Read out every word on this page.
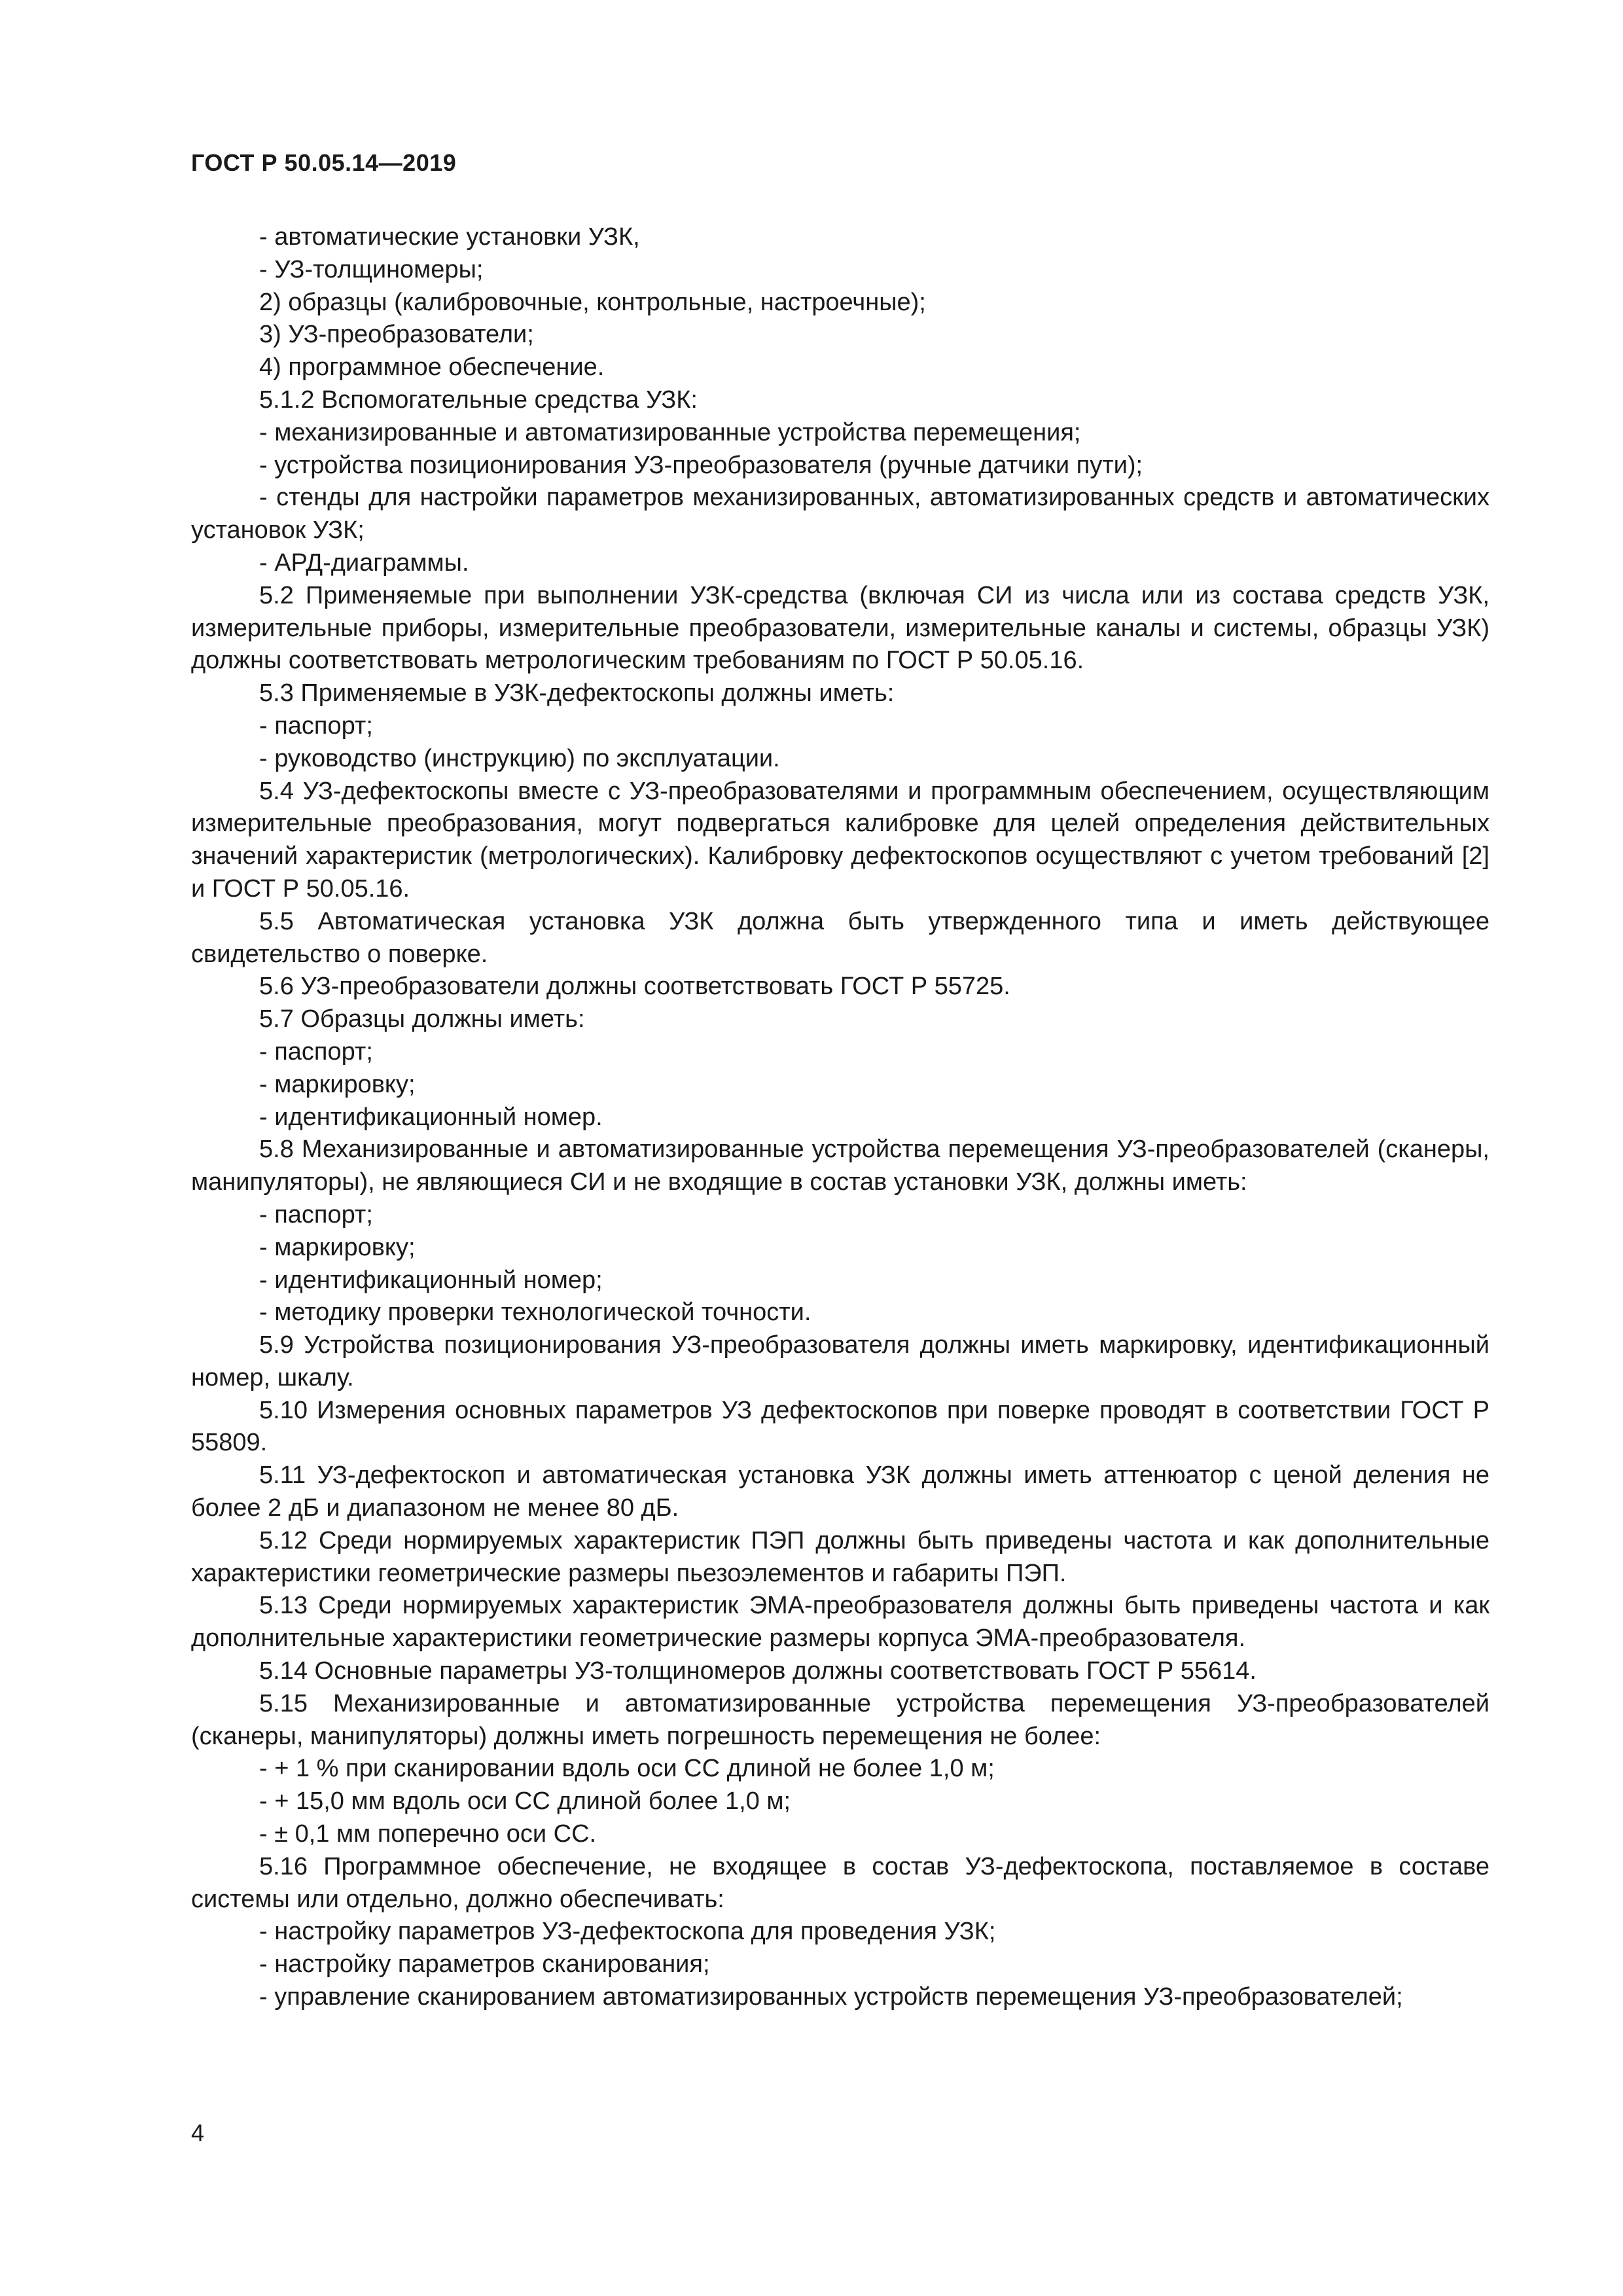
ГОСТ Р 50.05.14—2019

- автоматические установки УЗК,

- УЗ-толщиномеры;

2) образцы (калибровочные, контрольные, настроечные);

3) УЗ-преобразователи;

4) программное обеспечение.

5.1.2 Вспомогательные средства УЗК:

- механизированные и автоматизированные устройства перемещения;

- устройства позиционирования УЗ-преобразователя (ручные датчики пути);

- стенды для настройки параметров механизированных, автоматизированных средств и автоматических установок УЗК;

- АРД-диаграммы.

5.2 Применяемые при выполнении УЗК-средства (включая СИ из числа или из состава средств УЗК, измерительные приборы, измерительные преобразователи, измерительные каналы и системы, образцы УЗК) должны соответствовать метрологическим требованиям по ГОСТ Р 50.05.16.

5.3 Применяемые в УЗК-дефектоскопы должны иметь:

- паспорт;

- руководство (инструкцию) по эксплуатации.

5.4 УЗ-дефектоскопы вместе с УЗ-преобразователями и программным обеспечением, осуществляющим измерительные преобразования, могут подвергаться калибровке для целей определения действительных значений характеристик (метрологических). Калибровку дефектоскопов осуществляют с учетом требований [2] и ГОСТ Р 50.05.16.

5.5 Автоматическая установка УЗК должна быть утвержденного типа и иметь действующее свидетельство о поверке.

5.6 УЗ-преобразователи должны соответствовать ГОСТ Р 55725.

5.7 Образцы должны иметь:

- паспорт;

- маркировку;

- идентификационный номер.

5.8 Механизированные и автоматизированные устройства перемещения УЗ-преобразователей (сканеры, манипуляторы), не являющиеся СИ и не входящие в состав установки УЗК, должны иметь:

- паспорт;

- маркировку;

- идентификационный номер;

- методику проверки технологической точности.

5.9 Устройства позиционирования УЗ-преобразователя должны иметь маркировку, идентификационный номер, шкалу.

5.10 Измерения основных параметров УЗ дефектоскопов при поверке проводят в соответствии ГОСТ Р 55809.

5.11 УЗ-дефектоскоп и автоматическая установка УЗК должны иметь аттенюатор с ценой деления не более 2 дБ и диапазоном не менее 80 дБ.

5.12 Среди нормируемых характеристик ПЭП должны быть приведены частота и как дополнительные характеристики геометрические размеры пьезоэлементов и габариты ПЭП.

5.13 Среди нормируемых характеристик ЭМА-преобразователя должны быть приведены частота и как дополнительные характеристики геометрические размеры корпуса ЭМА-преобразователя.

5.14 Основные параметры УЗ-толщиномеров должны соответствовать ГОСТ Р 55614.

5.15 Механизированные и автоматизированные устройства перемещения УЗ-преобразователей (сканеры, манипуляторы) должны иметь погрешность перемещения не более:

- + 1 % при сканировании вдоль оси СС длиной не более 1,0 м;

- + 15,0 мм вдоль оси СС длиной более 1,0 м;

- ± 0,1 мм поперечно оси СС.

5.16 Программное обеспечение, не входящее в состав УЗ-дефектоскопа, поставляемое в составе системы или отдельно, должно обеспечивать:

- настройку параметров УЗ-дефектоскопа для проведения УЗК;

- настройку параметров сканирования;

- управление сканированием автоматизированных устройств перемещения УЗ-преобразователей;

4
